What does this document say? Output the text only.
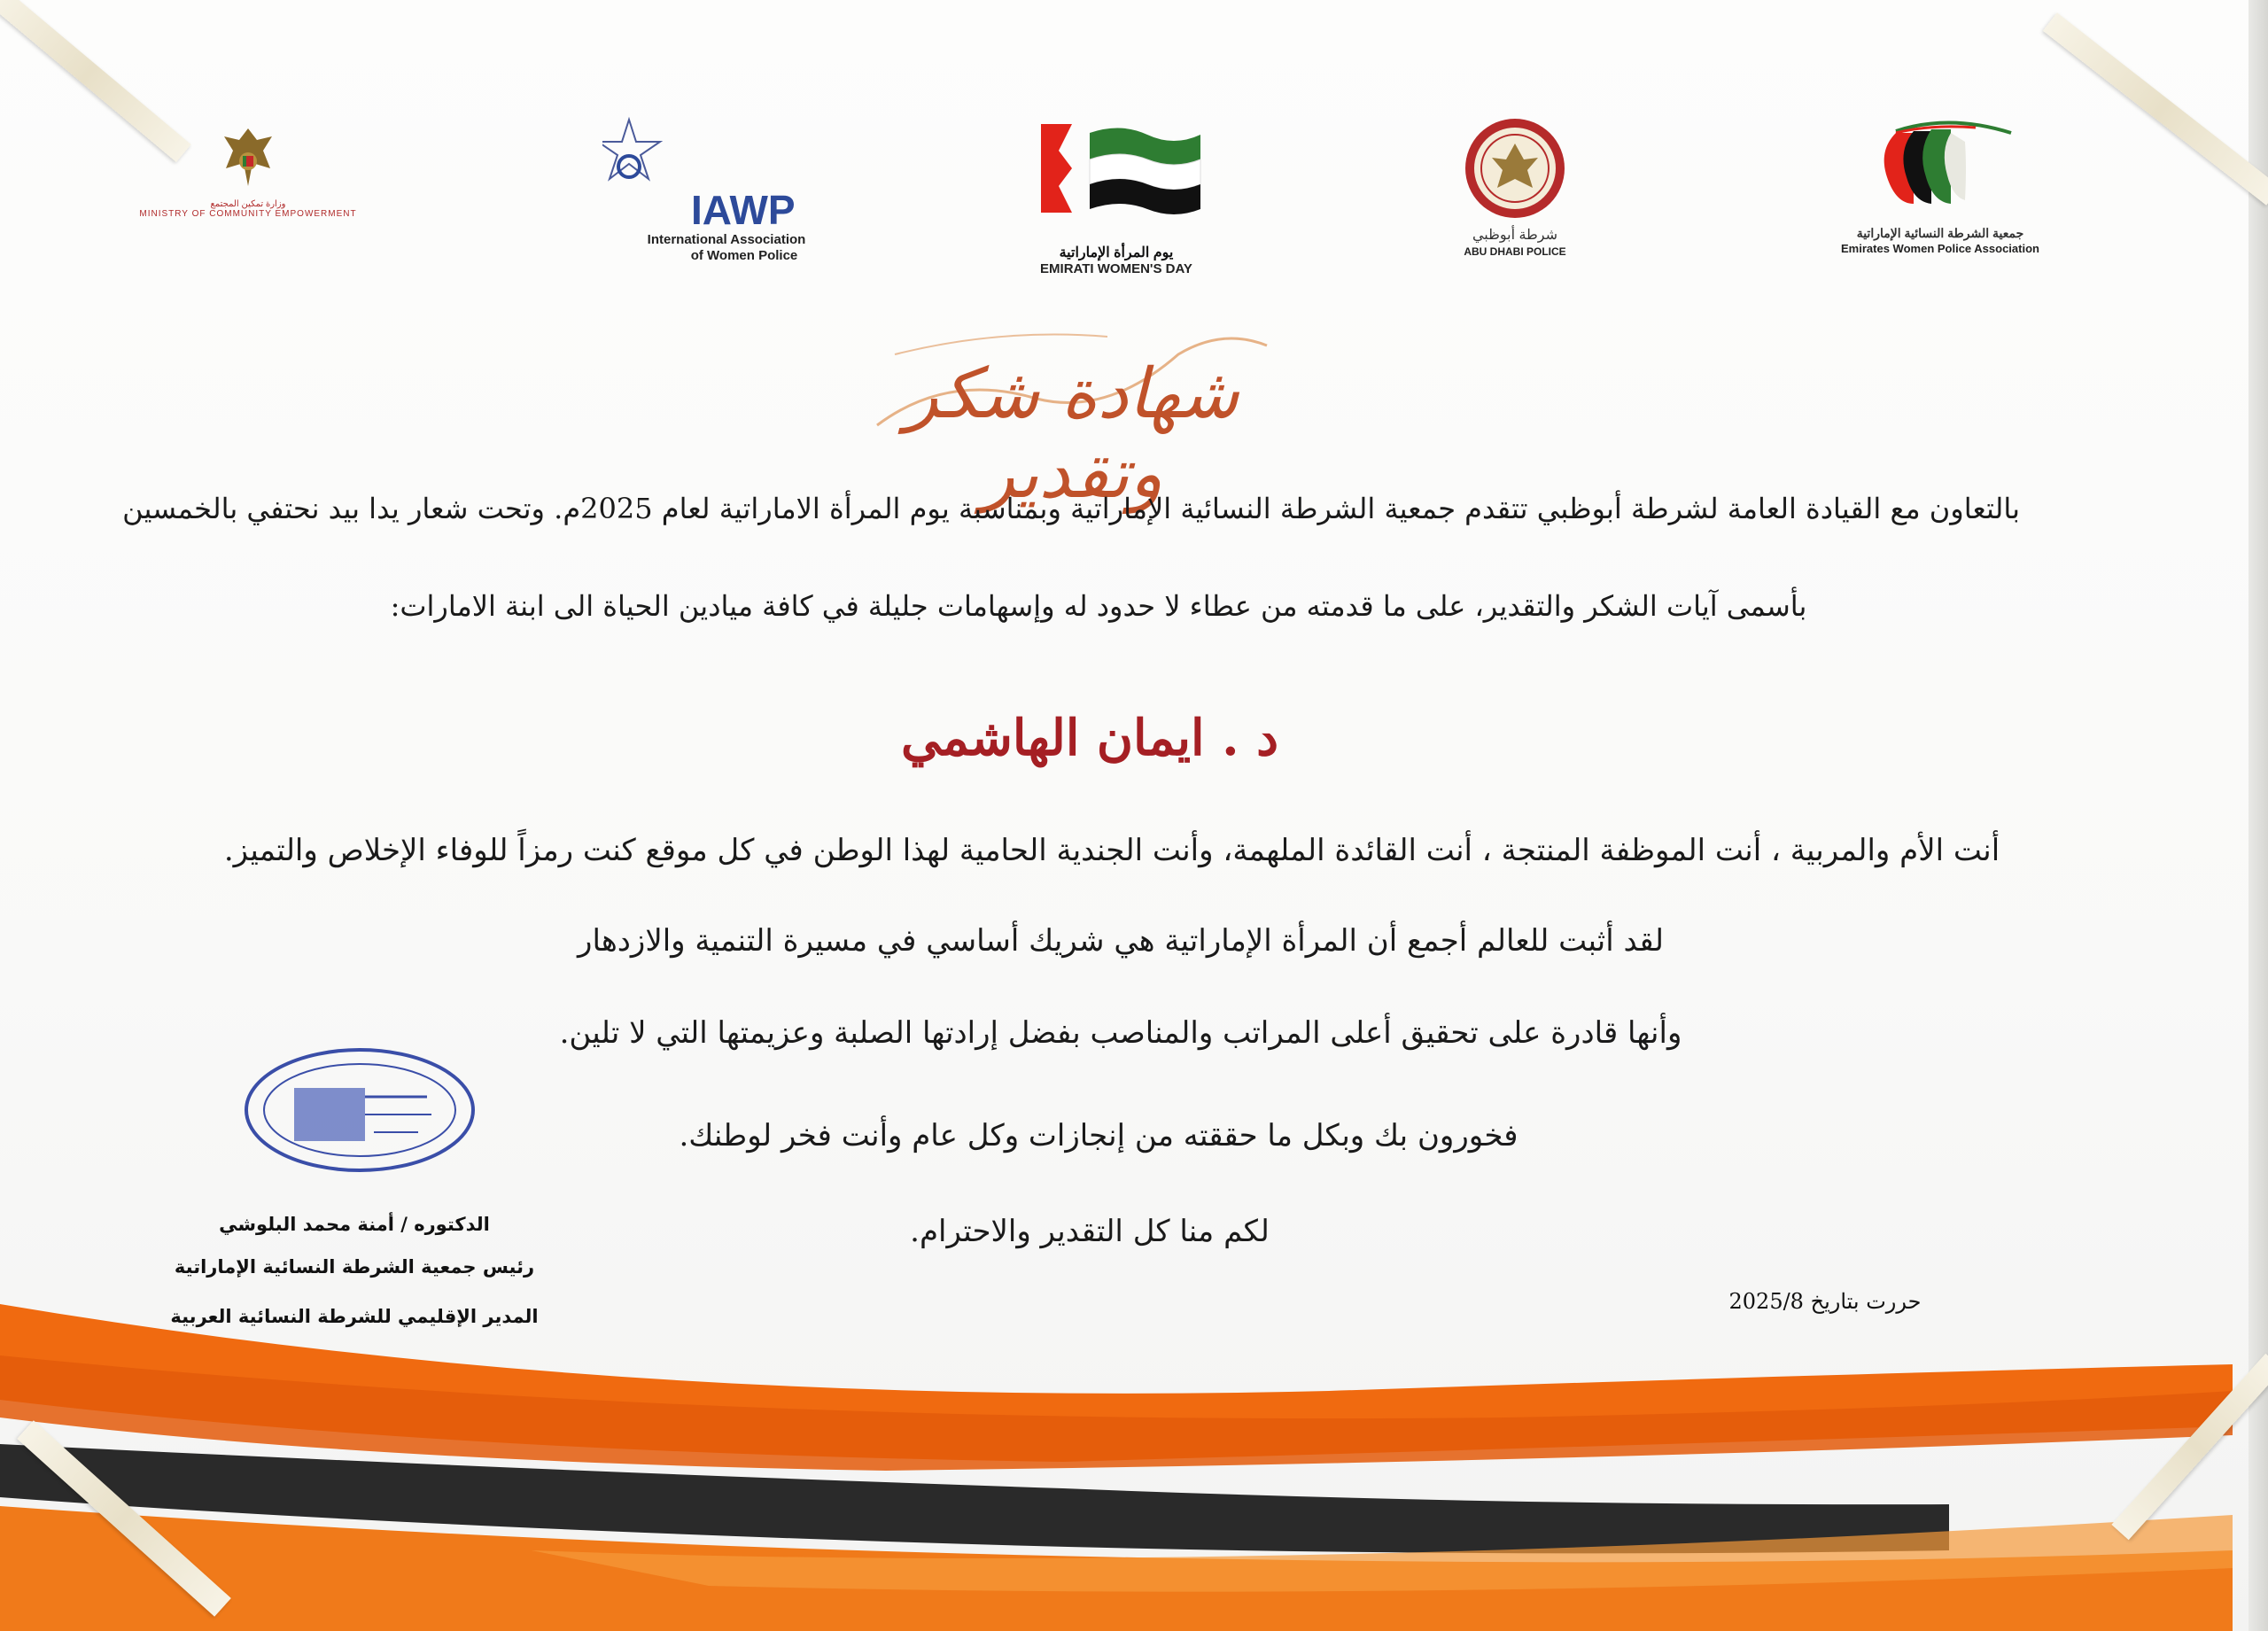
وزارة تمكين المجتمع
MINISTRY OF COMMUNITY EMPOWERMENT	IAWP
International Association
of Women Police	يوم المرأة الإماراتية
EMIRATI WOMEN'S DAY
شرطة أبوظبي
ABU DHABI POLICE
جمعية الشرطة النسائية الإماراتية
Emirates Women Police Association
شهادة شكر وتقدير
بالتعاون مع القيادة العامة لشرطة أبوظبي تتقدم جمعية الشرطة النسائية الإماراتية وبمناسبة يوم المرأة الاماراتية لعام 2025م. وتحت شعار يدا بيد نحتفي بالخمسين
بأسمى آيات الشكر والتقدير، على ما قدمته من عطاء لا حدود له وإسهامات جليلة في كافة ميادين الحياة الى ابنة الامارات:
د . ايمان الهاشمي
أنت الأم والمربية ، أنت الموظفة المنتجة ، أنت القائدة الملهمة، وأنت الجندية الحامية لهذا الوطن في كل موقع كنت رمزاً للوفاء الإخلاص والتميز.
لقد أثبت للعالم أجمع أن المرأة الإماراتية هي شريك أساسي في مسيرة التنمية والازدهار
وأنها قادرة على تحقيق أعلى المراتب والمناصب بفضل إرادتها الصلبة وعزيمتها التي لا تلين.
فخورون بك وبكل ما حققته من إنجازات وكل عام وأنت فخر لوطنك.
لكم منا كل التقدير والاحترام.
حررت بتاريخ 2025/8
الدكتوره / أمنة محمد البلوشي
رئيس جمعية الشرطة النسائية الإماراتية
المدير الإقليمي للشرطة النسائية العربية
